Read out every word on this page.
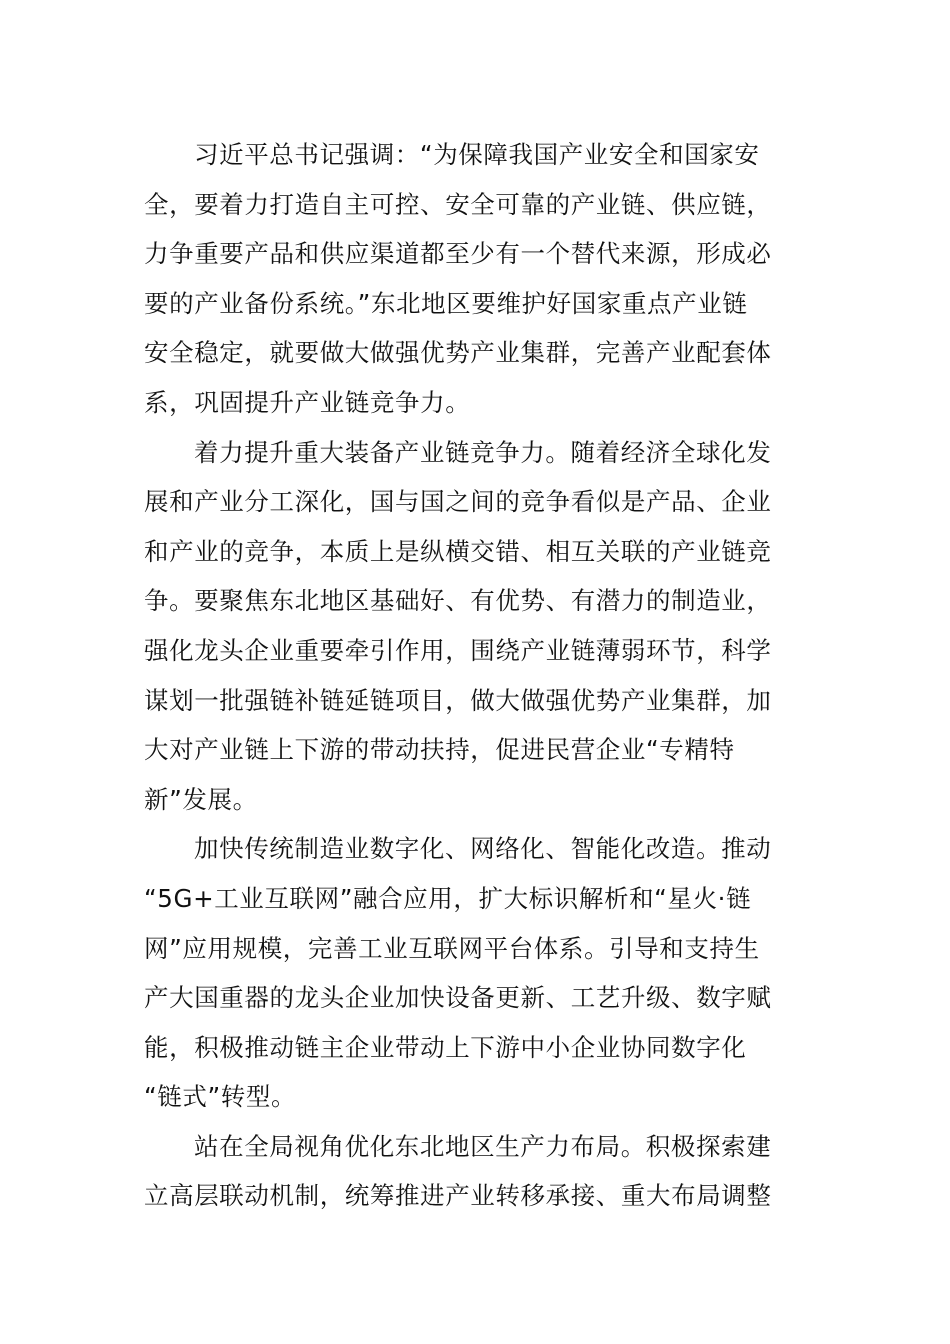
习近平总书记强调：“为保障我国产业安全和国家安
全，要着力打造自主可控、安全可靠的产业链、供应链，
力争重要产品和供应渠道都至少有一个替代来源，形成必
要的产业备份系统。”东北地区要维护好国家重点产业链
安全稳定，就要做大做强优势产业集群，完善产业配套体
系，巩固提升产业链竞争力。
着力提升重大装备产业链竞争力。随着经济全球化发
展和产业分工深化，国与国之间的竞争看似是产品、企业
和产业的竞争，本质上是纵横交错、相互关联的产业链竞
争。要聚焦东北地区基础好、有优势、有潜力的制造业，
强化龙头企业重要牵引作用，围绕产业链薄弱环节，科学
谋划一批强链补链延链项目，做大做强优势产业集群，加
大对产业链上下游的带动扶持，促进民营企业“专精特
新”发展。
加快传统制造业数字化、网络化、智能化改造。推动
“5G+工业互联网”融合应用，扩大标识解析和“星火·链
网”应用规模，完善工业互联网平台体系。引导和支持生
产大国重器的龙头企业加快设备更新、工艺升级、数字赋
能，积极推动链主企业带动上下游中小企业协同数字化
“链式”转型。
站在全局视角优化东北地区生产力布局。积极探索建
立高层联动机制，统筹推进产业转移承接、重大布局调整
